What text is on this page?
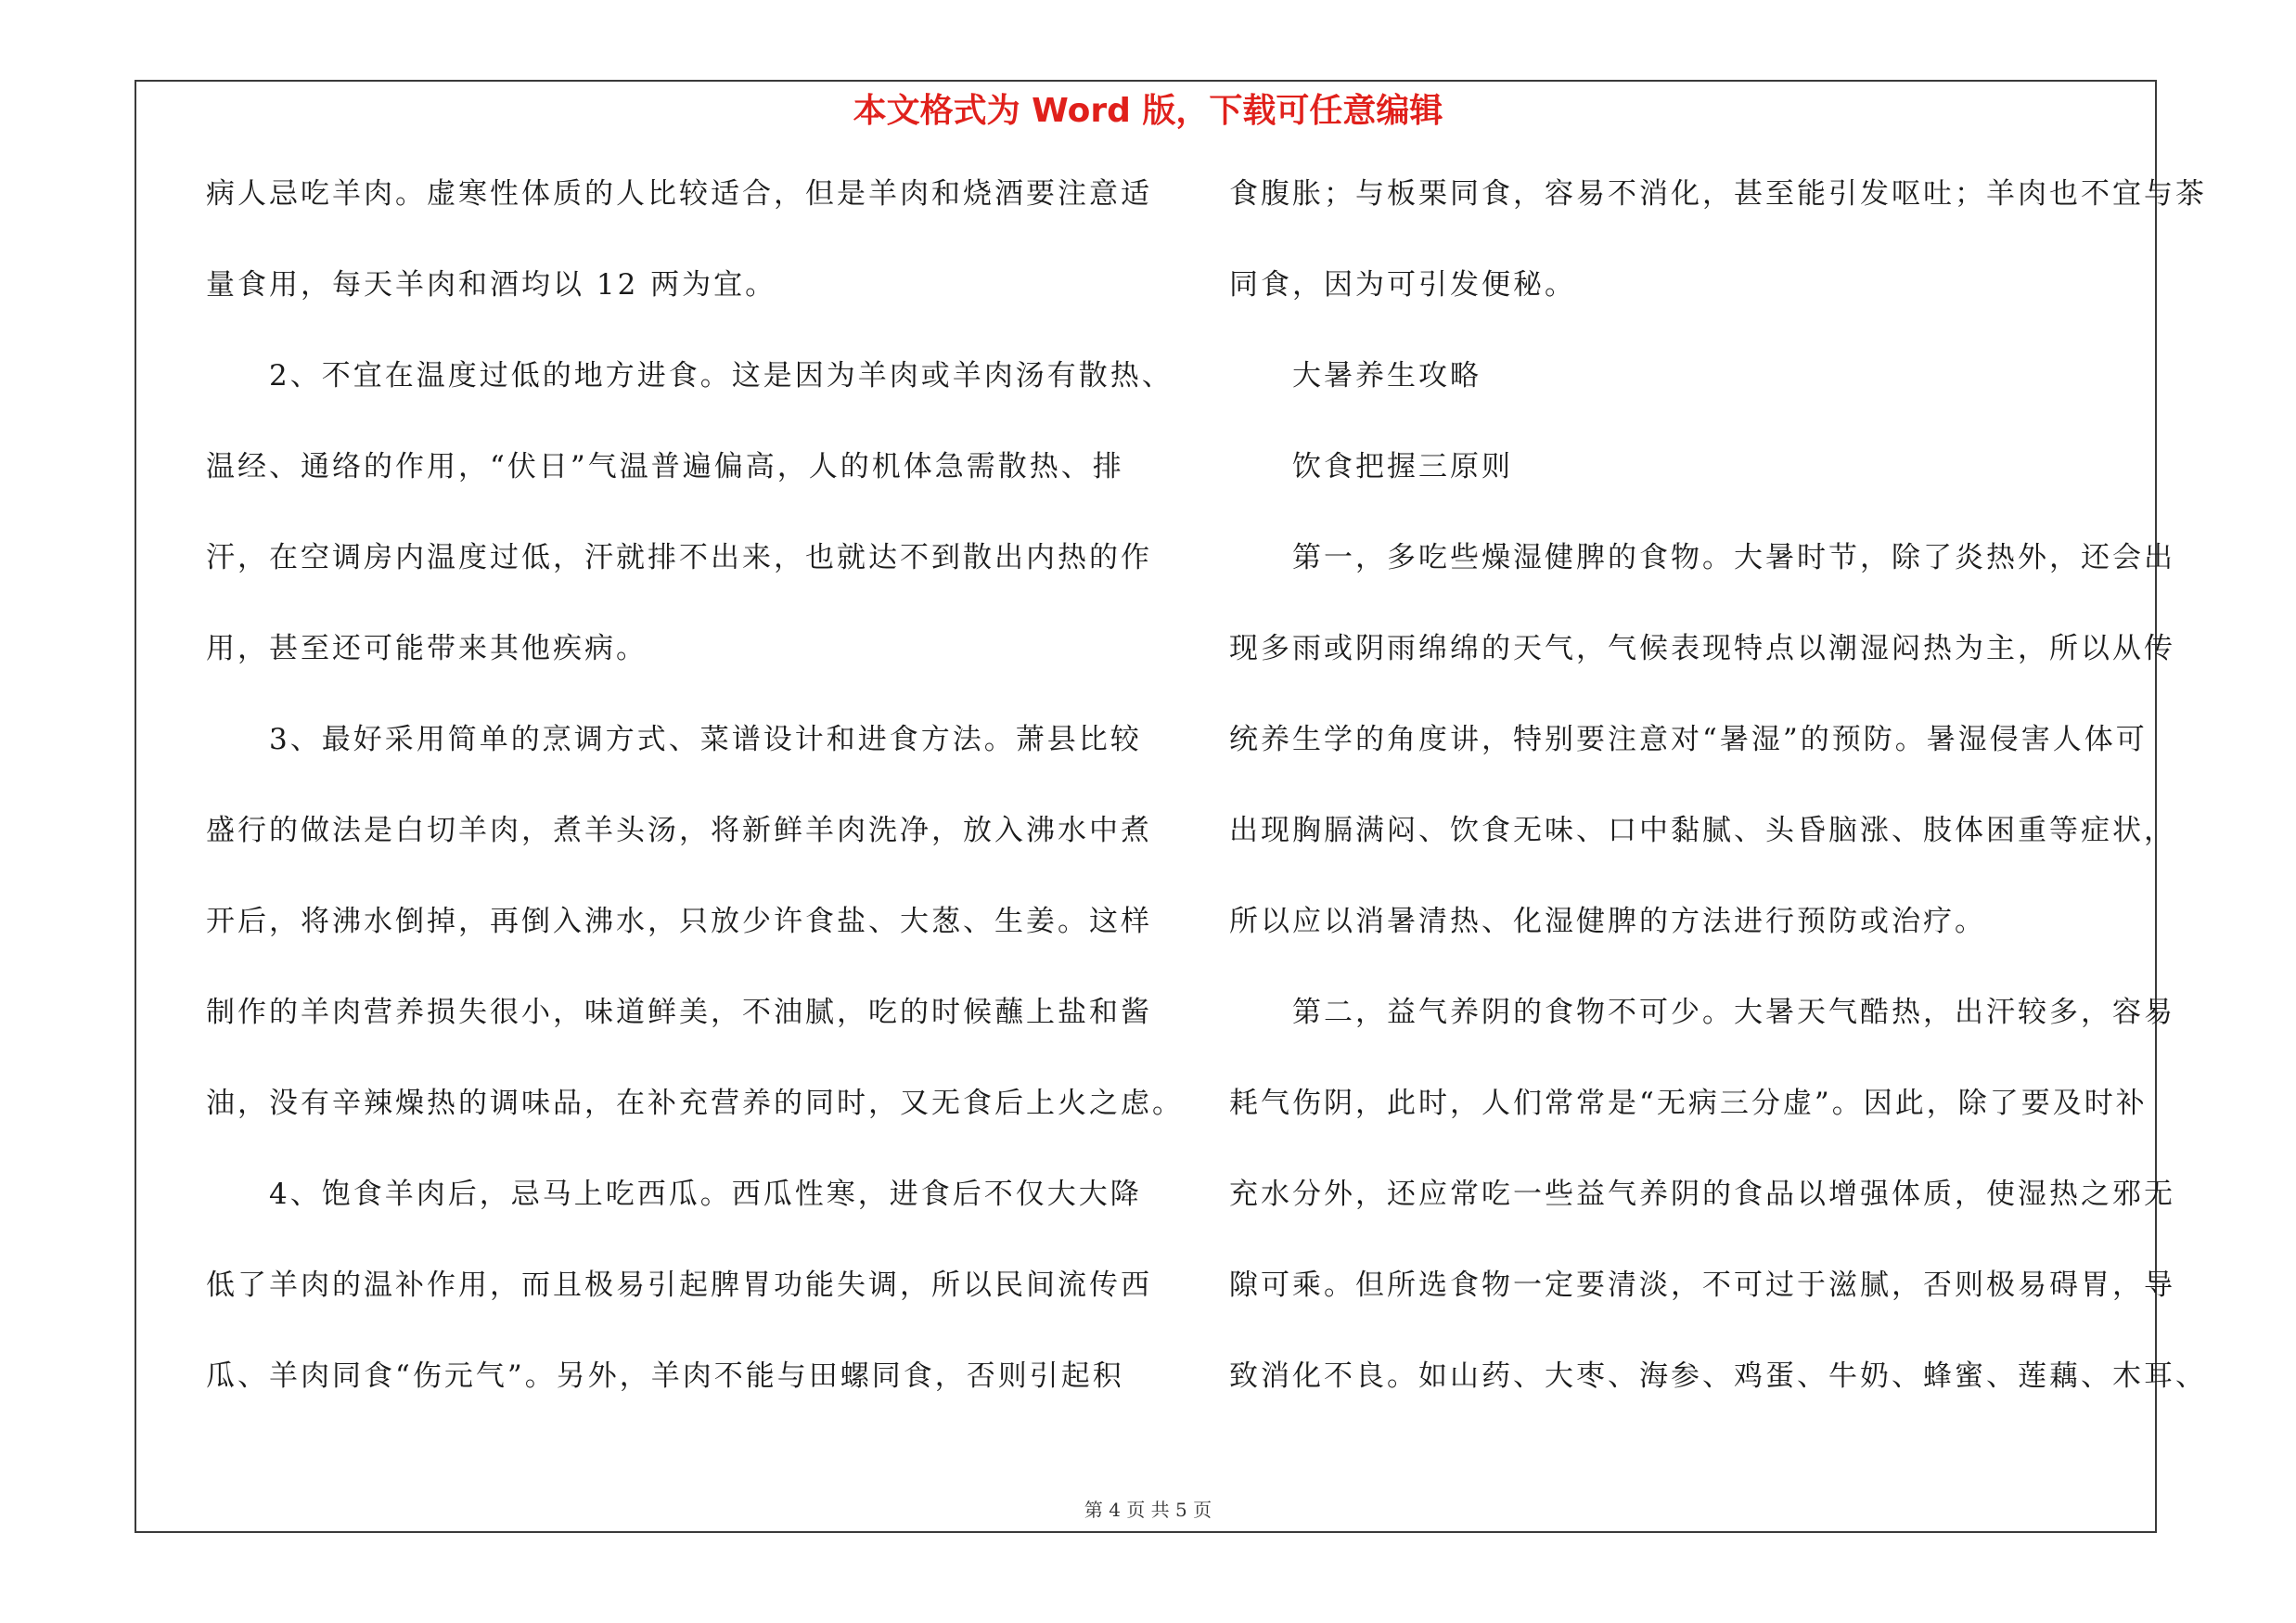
本文格式为 Word 版，下载可任意编辑
病人忌吃羊肉。虚寒性体质的人比较适合，但是羊肉和烧酒要注意适
量食用，每天羊肉和酒均以 12 两为宜。
　　2、不宜在温度过低的地方进食。这是因为羊肉或羊肉汤有散热、
温经、通络的作用，“伏日”气温普遍偏高，人的机体急需散热、排
汗，在空调房内温度过低，汗就排不出来，也就达不到散出内热的作
用，甚至还可能带来其他疾病。
　　3、最好采用简单的烹调方式、菜谱设计和进食方法。萧县比较
盛行的做法是白切羊肉，煮羊头汤，将新鲜羊肉洗净，放入沸水中煮
开后，将沸水倒掉，再倒入沸水，只放少许食盐、大葱、生姜。这样
制作的羊肉营养损失很小，味道鲜美，不油腻，吃的时候蘸上盐和酱
油，没有辛辣燥热的调味品，在补充营养的同时，又无食后上火之虑。
　　4、饱食羊肉后，忌马上吃西瓜。西瓜性寒，进食后不仅大大降
低了羊肉的温补作用，而且极易引起脾胃功能失调，所以民间流传西
瓜、羊肉同食“伤元气”。另外，羊肉不能与田螺同食，否则引起积
食腹胀；与板栗同食，容易不消化，甚至能引发呕吐；羊肉也不宜与茶
同食，因为可引发便秘。
　　大暑养生攻略
　　饮食把握三原则
　　第一，多吃些燥湿健脾的食物。大暑时节，除了炎热外，还会出
现多雨或阴雨绵绵的天气，气候表现特点以潮湿闷热为主，所以从传
统养生学的角度讲，特别要注意对“暑湿”的预防。暑湿侵害人体可
出现胸膈满闷、饮食无味、口中黏腻、头昏脑涨、肢体困重等症状，
所以应以消暑清热、化湿健脾的方法进行预防或治疗。
　　第二，益气养阴的食物不可少。大暑天气酷热，出汗较多，容易
耗气伤阴，此时，人们常常是“无病三分虚”。因此，除了要及时补
充水分外，还应常吃一些益气养阴的食品以增强体质，使湿热之邪无
隙可乘。但所选食物一定要清淡，不可过于滋腻，否则极易碍胃，导
致消化不良。如山药、大枣、海参、鸡蛋、牛奶、蜂蜜、莲藕、木耳、
第 4 页 共 5 页
